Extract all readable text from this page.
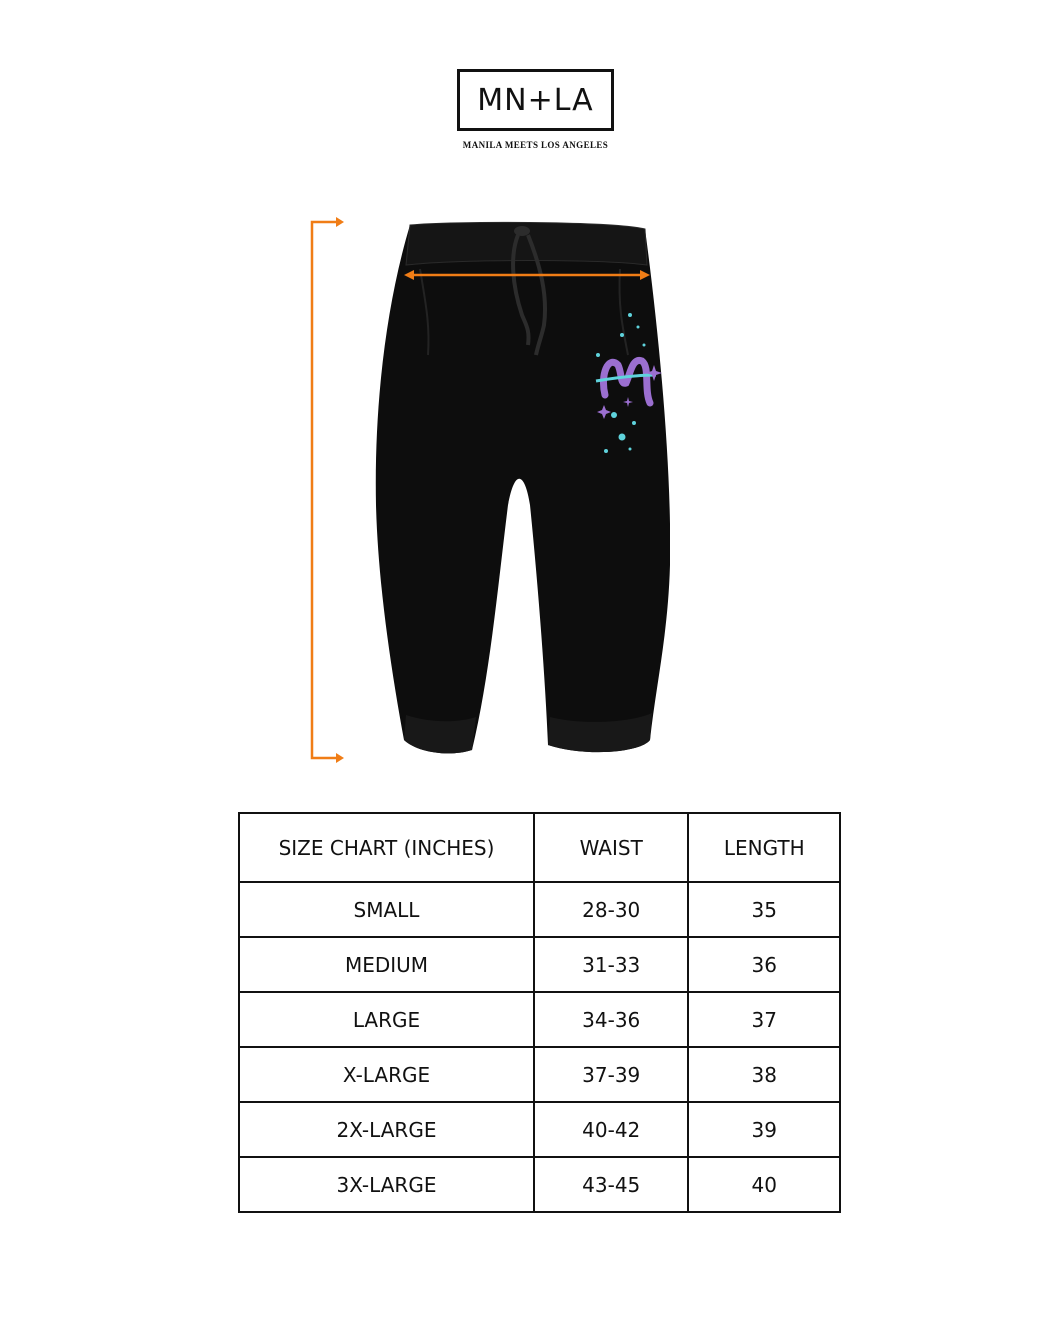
MN+LA
MANILA MEETS LOS ANGELES
SIZE CHART (INCHES)	WAIST	LENGTH
SMALL	28-30	35
MEDIUM	31-33	36
LARGE	34-36	37
X-LARGE	37-39	38
2X-LARGE	40-42	39
3X-LARGE	43-45	40
